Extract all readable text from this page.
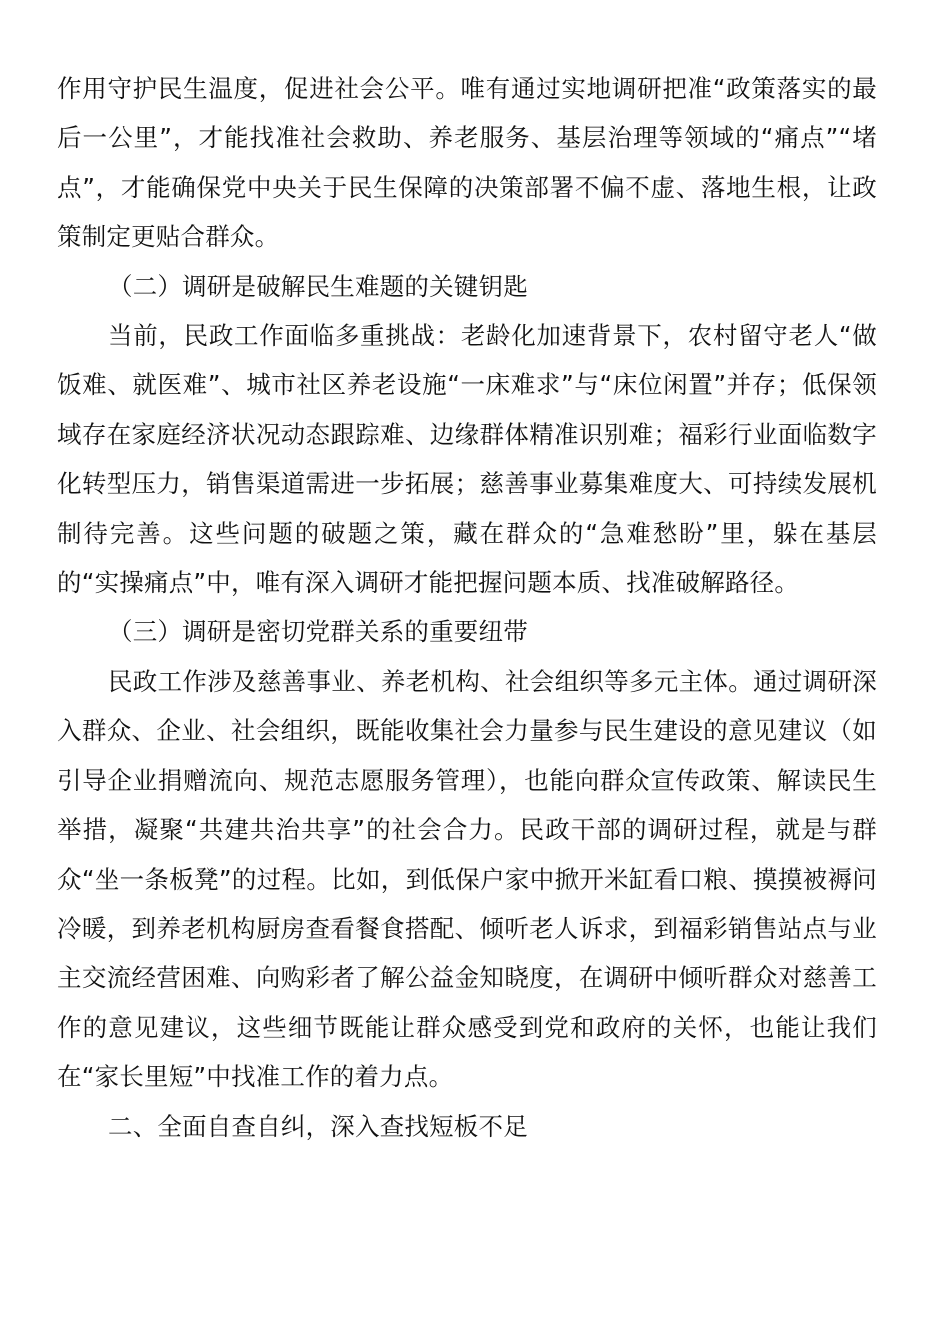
作用守护民生温度，促进社会公平。唯有通过实地调研把准“政策落实的最后一公里”，才能找准社会救助、养老服务、基层治理等领域的“痛点”“堵点”，才能确保党中央关于民生保障的决策部署不偏不虚、落地生根，让政策制定更贴合群众。

（二）调研是破解民生难题的关键钥匙

当前，民政工作面临多重挑战：老龄化加速背景下，农村留守老人“做饭难、就医难”、城市社区养老设施“一床难求”与“床位闲置”并存；低保领域存在家庭经济状况动态跟踪难、边缘群体精准识别难；福彩行业面临数字化转型压力，销售渠道需进一步拓展；慈善事业募集难度大、可持续发展机制待完善。这些问题的破题之策，藏在群众的“急难愁盼”里，躲在基层的“实操痛点”中，唯有深入调研才能把握问题本质、找准破解路径。

（三）调研是密切党群关系的重要纽带

民政工作涉及慈善事业、养老机构、社会组织等多元主体。通过调研深入群众、企业、社会组织，既能收集社会力量参与民生建设的意见建议（如引导企业捐赠流向、规范志愿服务管理），也能向群众宣传政策、解读民生举措，凝聚“共建共治共享”的社会合力。民政干部的调研过程，就是与群众“坐一条板凳”的过程。比如，到低保户家中掀开米缸看口粮、摸摸被褥问冷暖，到养老机构厨房查看餐食搭配、倾听老人诉求，到福彩销售站点与业主交流经营困难、向购彩者了解公益金知晓度，在调研中倾听群众对慈善工作的意见建议，这些细节既能让群众感受到党和政府的关怀，也能让我们在“家长里短”中找准工作的着力点。

二、全面自查自纠，深入查找短板不足
